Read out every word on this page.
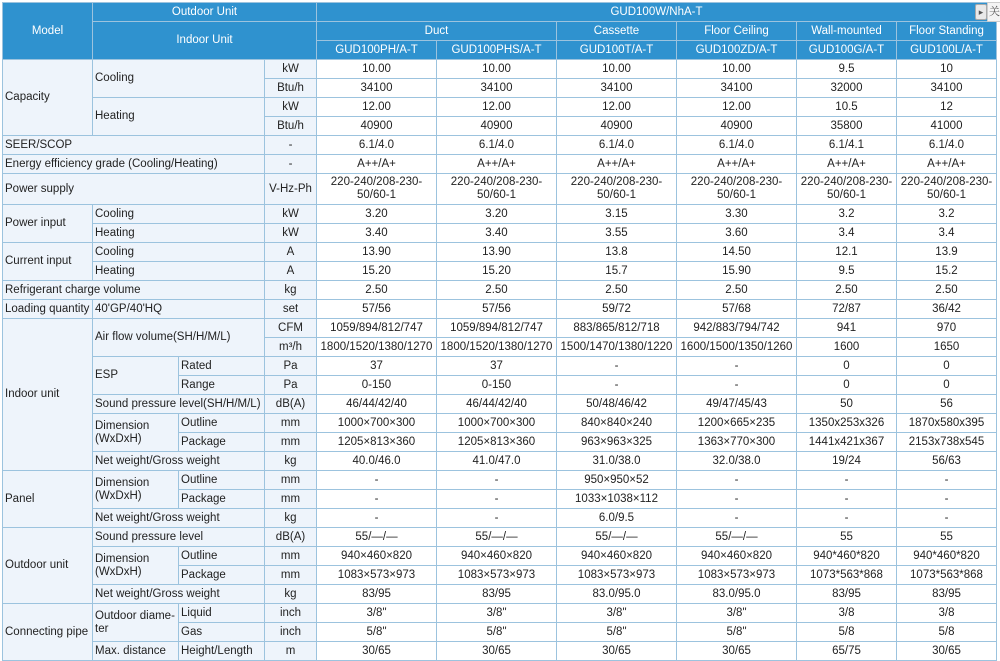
Model	Outdoor Unit			GUD100W/NhA-T					
	Indoor Unit			Duct		Cassette	Floor Ceiling	Wall-mounted	Floor Standing
				GUD100PH/A-T	GUD100PHS/A-T	GUD100T/A-T	GUD100ZD/A-T	GUD100G/A-T	GUD100L/A-T
Capacity	Cooling		kW	10.00	10.00	10.00	10.00	9.5	10
			Btu/h	34100	34100	34100	34100	32000	34100
	Heating		kW	12.00	12.00	12.00	12.00	10.5	12
			Btu/h	40900	40900	40900	40900	35800	41000
SEER/SCOP			-	6.1/4.0	6.1/4.0	6.1/4.0	6.1/4.0	6.1/4.1	6.1/4.0
Energy efficiency grade (Cooling/Heating)			-	A++/A+	A++/A+	A++/A+	A++/A+	A++/A+	A++/A+
Power supply			V-Hz-Ph	220-240/208-230-50/60-1	220-240/208-230-50/60-1	220-240/208-230-50/60-1	220-240/208-230-50/60-1	220-240/208-230-50/60-1	220-240/208-230-50/60-1
Power input	Cooling		kW	3.20	3.20	3.15	3.30	3.2	3.2
	Heating		kW	3.40	3.40	3.55	3.60	3.4	3.4
Current input	Cooling		A	13.90	13.90	13.8	14.50	12.1	13.9
	Heating		A	15.20	15.20	15.7	15.90	9.5	15.2
Refrigerant charge volume			kg	2.50	2.50	2.50	2.50	2.50	2.50
Loading quantity	40'GP/40'HQ		set	57/56	57/56	59/72	57/68	72/87	36/42
Indoor unit	Air flow volume(SH/H/M/L)		CFM	1059/894/812/747	1059/894/812/747	883/865/812/718	942/883/794/742	941	970
			m³/h	1800/1520/1380/1270	1800/1520/1380/1270	1500/1470/1380/1220	1600/1500/1350/1260	1600	1650
	ESP	Rated	Pa	37	37	-	-	0	0
		Range	Pa	0-150	0-150	-	-	0	0
	Sound pressure level(SH/H/M/L)		dB(A)	46/44/42/40	46/44/42/40	50/48/46/42	49/47/45/43	50	56
	Dimension (WxDxH)	Outline	mm	1000×700×300	1000×700×300	840×840×240	1200×665×235	1350x253x326	1870x580x395
		Package	mm	1205×813×360	1205×813×360	963×963×325	1363×770×300	1441x421x367	2153x738x545
	Net weight/Gross weight		kg	40.0/46.0	41.0/47.0	31.0/38.0	32.0/38.0	19/24	56/63
Panel	Dimension (WxDxH)	Outline	mm	-	-	950×950×52	-	-	-
		Package	mm	-	-	1033×1038×112	-	-	-
	Net weight/Gross weight		kg	-	-	6.0/9.5	-	-	-
Outdoor unit	Sound pressure level		dB(A)	55/—/—	55/—/—	55/—/—	55/—/—	55	55
	Dimension (WxDxH)	Outline	mm	940×460×820	940×460×820	940×460×820	940×460×820	940*460*820	940*460*820
		Package	mm	1083×573×973	1083×573×973	1083×573×973	1083×573×973	1073*563*868	1073*563*868
	Net weight/Gross weight		kg	83/95	83/95	83.0/95.0	83.0/95.0	83/95	83/95
Connecting pipe	Outdoor diame-ter	Liquid	inch	3/8"	3/8"	3/8"	3/8"	3/8	3/8
		Gas	inch	5/8"	5/8"	5/8"	5/8"	5/8	5/8
	Max. distance	Height/Length	m	30/65	30/65	30/65	30/65	65/75	30/65
▸ 关
